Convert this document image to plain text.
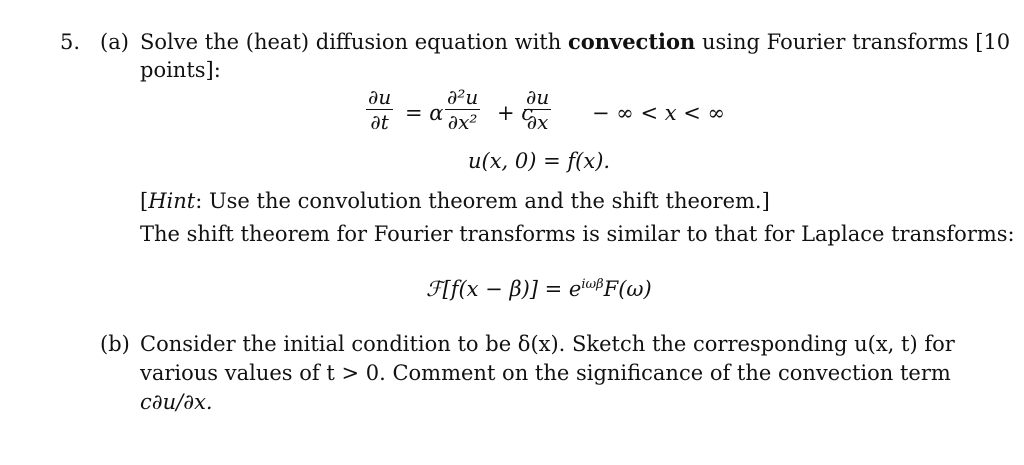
5. (a) Solve the (heat) diffusion equation with convection using Fourier transforms [10
points]:
∂u
∂t = α
∂²u
∂x² + c
∂u
∂x − ∞ < x < ∞
u(x, 0) = f(x).
[Hint: Use the convolution theorem and the shift theorem.]
The shift theorem for Fourier transforms is similar to that for Laplace transforms:
ℱ[f(x − $\beta)] = e^{i\omega\beta}F(\omega)$
(b) Consider the initial condition to be δ(x). Sketch the corresponding u(x, t) for
various values of t > 0. Comment on the significance of the convection term
c∂u/∂x.
